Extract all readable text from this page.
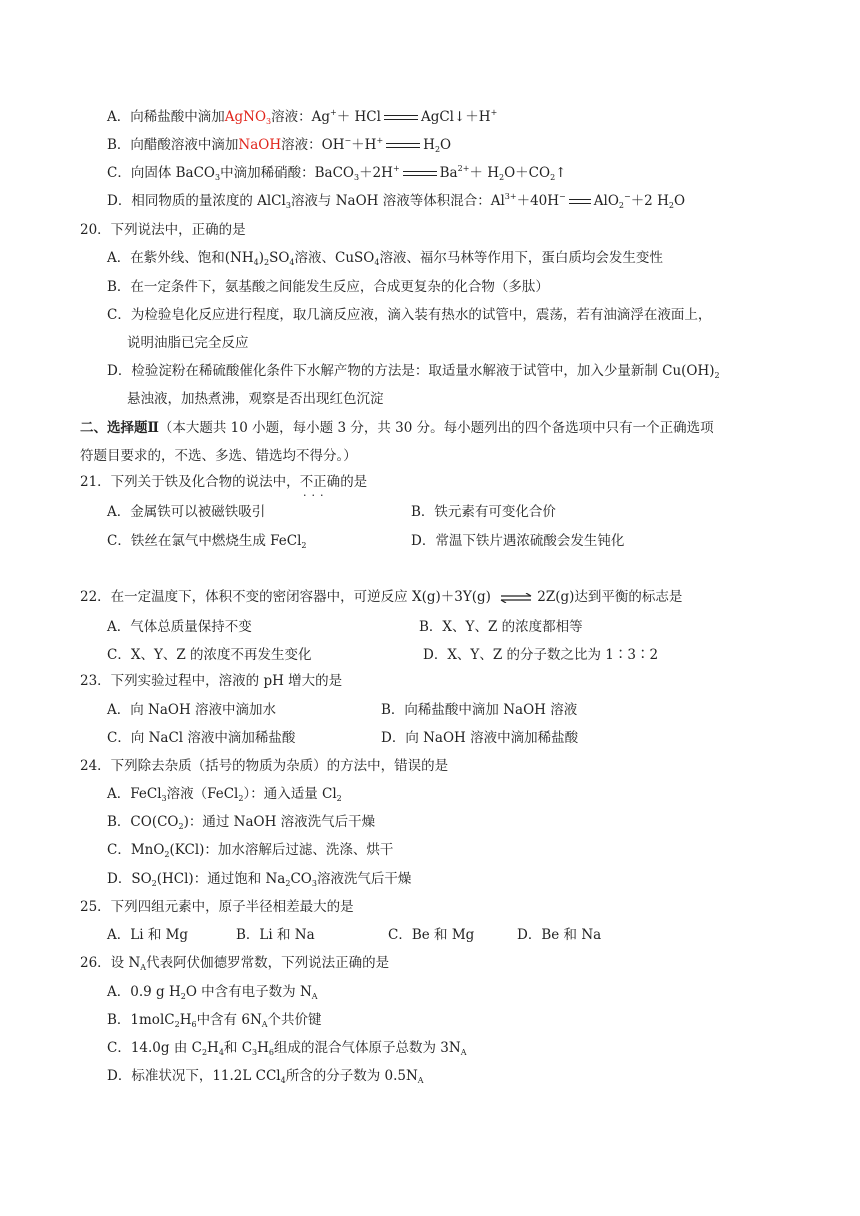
A．向稀盐酸中滴加AgNO$_3$溶液：Ag+＋ HCl	AgCl↓＋H+
B．向醋酸溶液中滴加NaOH溶液：OH−＋H+	$H_2O$
C．向固体 BaCO$_3$中滴加稀硝酸：BaCO$_3$＋2H+	$Ba^{2+}+$ $H_2O+CO_2↑$
D．相同物质的量浓度的 AlCl$_3$溶液与 NaOH 溶液等体积混合：$Al^{3+}+40H^-$ AlO$_2$−＋2 $H_2O$
20．下列说法中，正确的是
A．在紫外线、饱和$(NH_4)_2SO_4$溶液、CuSO$_4$溶液、福尔马林等作用下，蛋白质均会发生变性
B．在一定条件下，氨基酸之间能发生反应，合成更复杂的化合物（多肽）
C．为检验皂化反应进行程度，取几滴反应液，滴入装有热水的试管中，震荡，若有油滴浮在液面上，
说明油脂已完全反应
D．检验淀粉在稀硫酸催化条件下水解产物的方法是：取适量水解液于试管中，加入少量新制 $Cu(OH)_2$
悬浊液，加热煮沸，观察是否出现红色沉淀
二、选择题Ⅱ（本大题共 10 小题，每小题 3 分，共 30 分。每小题列出的四个备选项中只有一个正确选项
符题目要求的，不选、多选、错选均不得分。）
21．下列关于铁及化合物的说法中，不正确 ・ ・ ・的是
A．金属铁可以被磁铁吸引	B．铁元素有可变化合价
C．铁丝在氯气中燃烧生成 FeCl$_2$	D．常温下铁片遇浓硫酸会发生钝化
22．在一定温度下，体积不变的密闭容器中，可逆反应 X(g)＋3Y(g) ⇌ 2Z(g)达到平衡的标志是
A．气体总质量保持不变	B．X、Y、Z 的浓度都相等
C．X、Y、Z 的浓度不再发生变化	D．X、Y、Z 的分子数之比为 1∶3∶2
23．下列实验过程中，溶液的 pH 增大的是
A．向 NaOH 溶液中滴加水	B．向稀盐酸中滴加 NaOH 溶液
C．向 NaCl 溶液中滴加稀盐酸	D．向 NaOH 溶液中滴加稀盐酸
24．下列除去杂质（括号的物质为杂质）的方法中，错误的是
A．FeCl$_3$溶液（FeCl$_2$）：通入适量 $Cl_2$
B．$CO(CO_2)$：通过 NaOH 溶液洗气后干燥
C．MnO$_2$(KCl)：加水溶解后过滤、洗涤、烘干
D．$SO_2(HCl)$：通过饱和 $Na_2CO_3$溶液洗气后干燥
25．下列四组元素中，原子半径相差最大的是
A．Li 和 Mg	B．Li 和 Na	C．Be 和 Mg	D．Be 和 Na
26．设 $N_A$代表阿伏伽德罗常数，下列说法正确的是
A．0.9 g $H_2O$ 中含有电子数为 $N_A$
B．$1molC_2H_6$中含有 $6N_A$个共价键
C．14.0g 由 $C_2H_4$和 $C_3H_6$组成的混合气体原子总数为 $3N_A$
D．标准状况下，11.2L CCl$_4$所含的分子数为 $0.5N_A$
